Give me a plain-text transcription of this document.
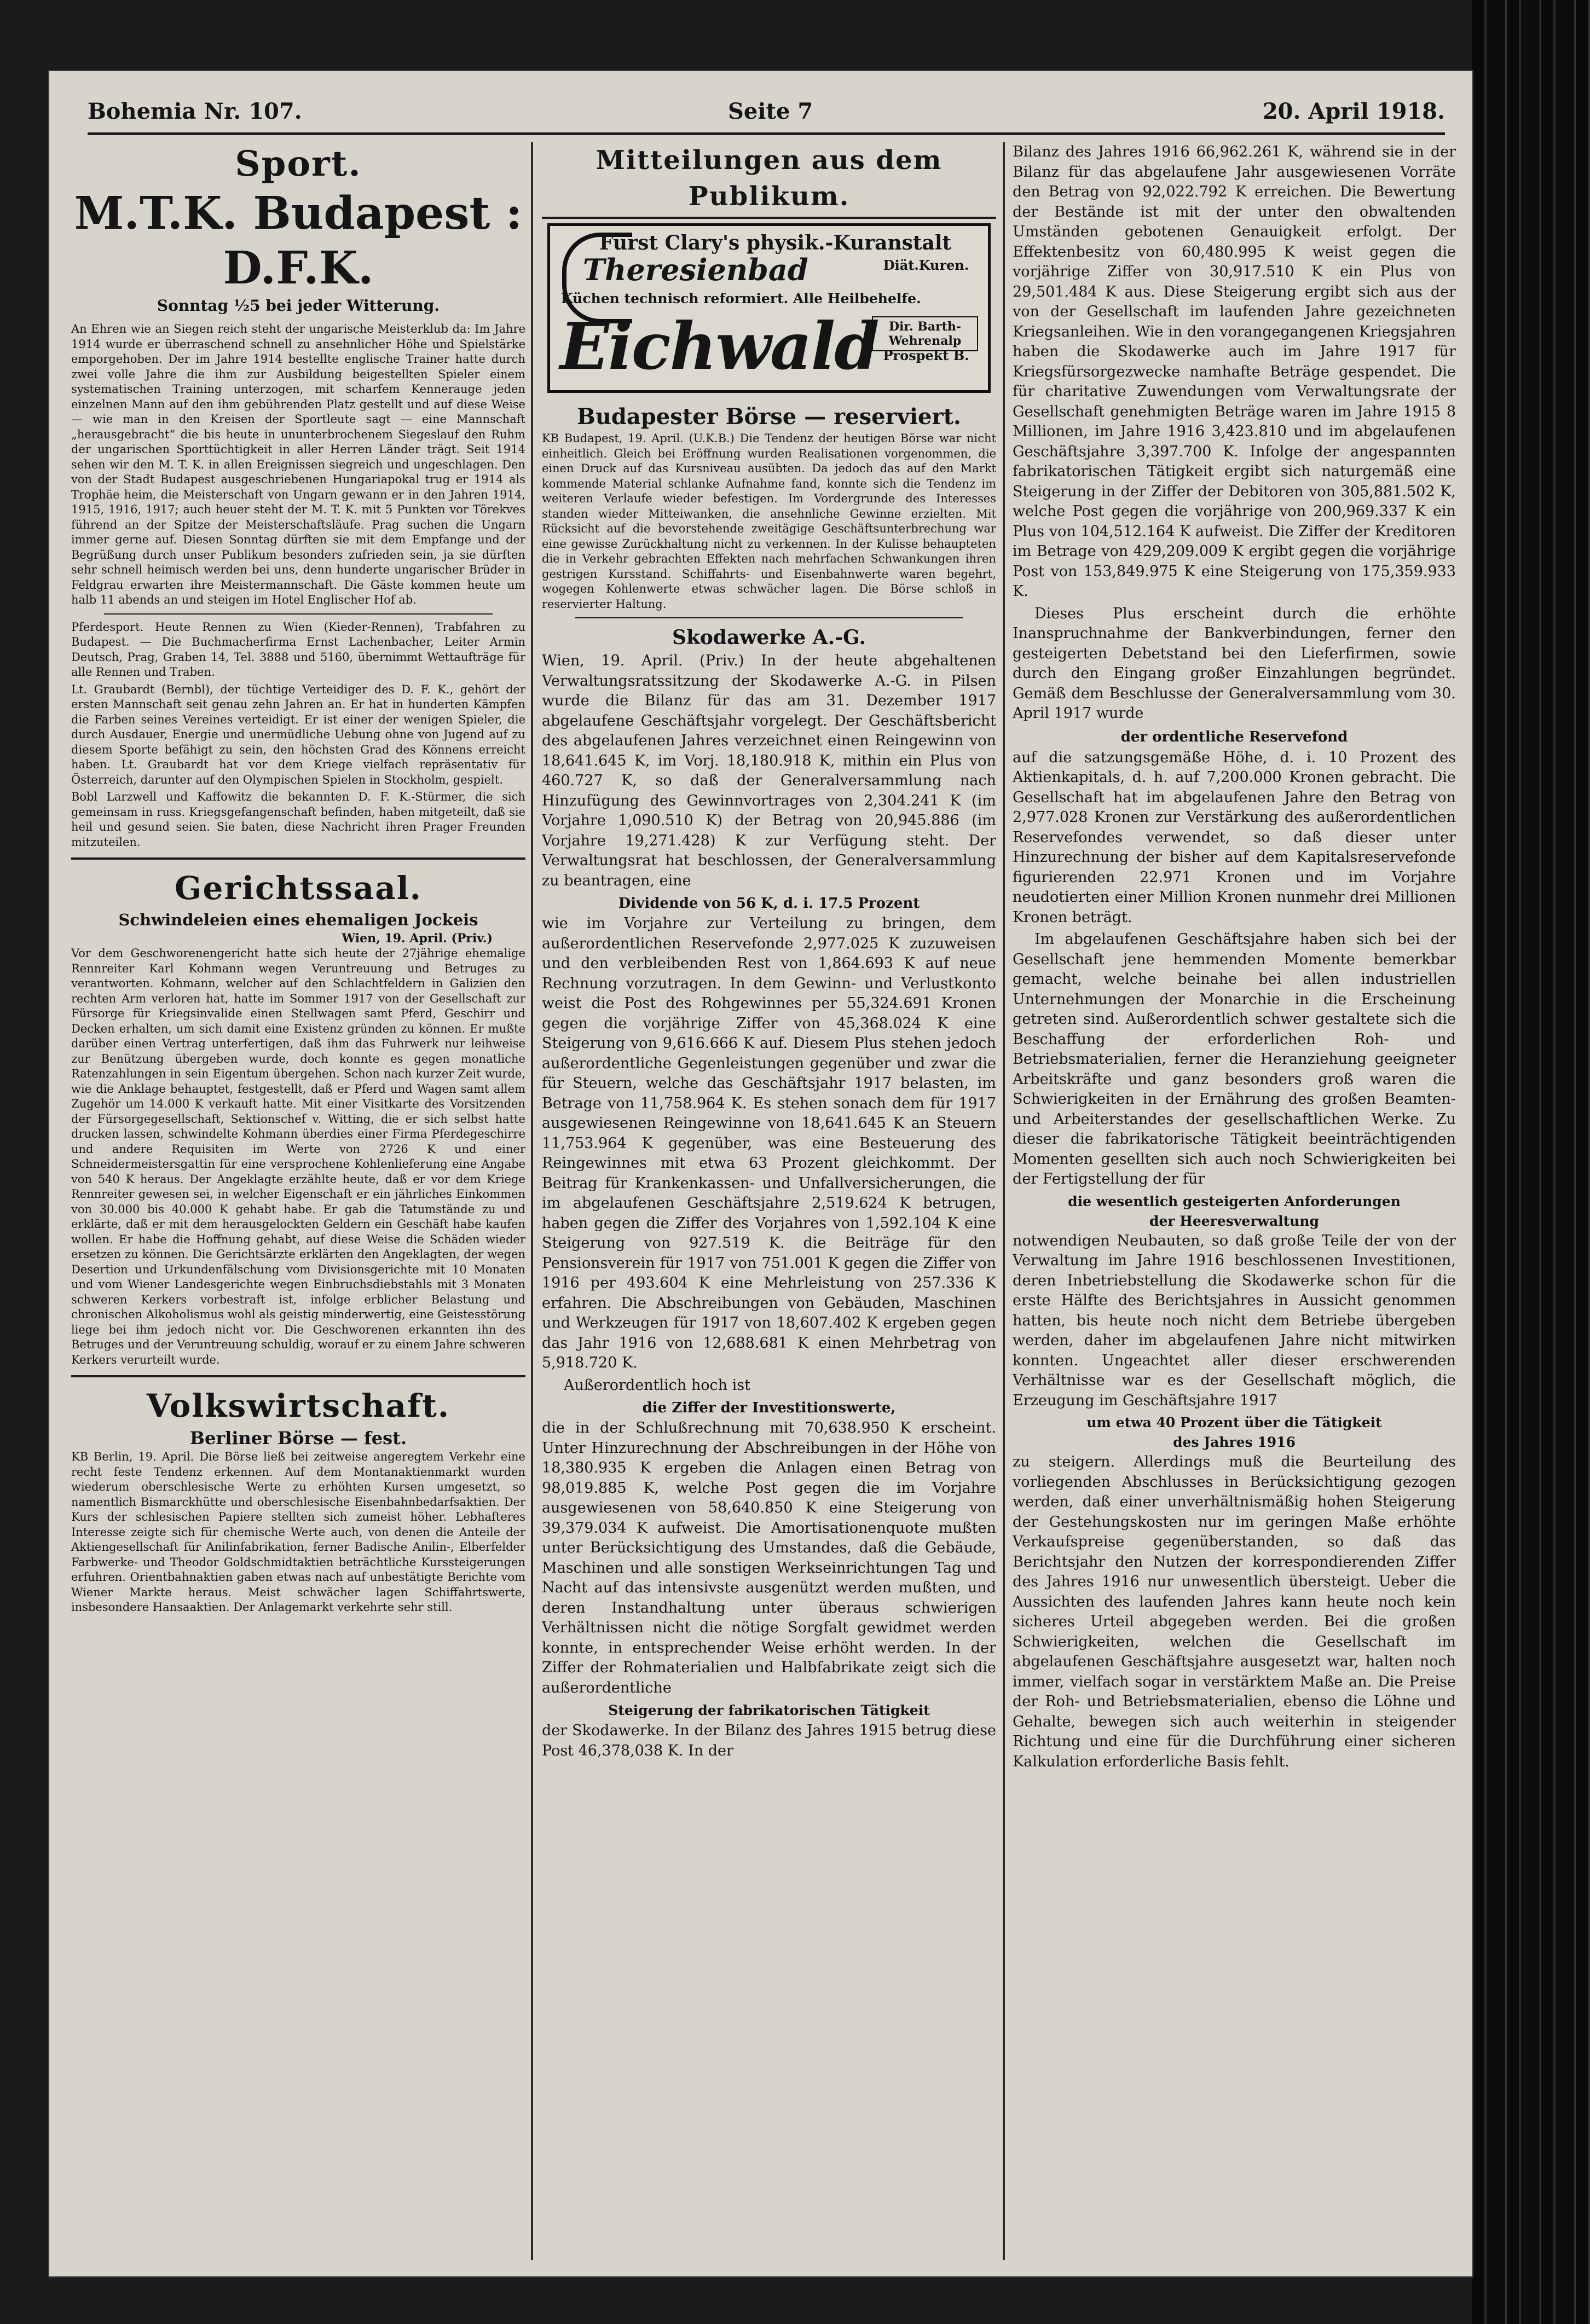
Bohemia Nr. 107.	Seite 7	20. April 1918.
Sport.
M.T.K. Budapest : D.F.K.
Sonntag ½5 bei jeder Witterung.

An Ehren wie an Siegen reich steht der ungarische Meisterklub da: Im Jahre 1914 wurde er überraschend schnell zu ansehnlicher Höhe und Spielstärke emporgehoben. Der im Jahre 1914 bestellte englische Trainer hatte durch zwei volle Jahre die ihm zur Ausbildung beigestellten Spieler einem systematischen Training unterzogen, mit scharfem Kennerauge jeden einzelnen Mann auf den ihm gebührenden Platz gestellt und auf diese Weise — wie man in den Kreisen der Sportleute sagt — eine Mannschaft „herausgebracht“ die bis heute in ununterbrochenem Siegeslauf den Ruhm der ungarischen Sporttüchtigkeit in aller Herren Länder trägt. Seit 1914 sehen wir den M. T. K. in allen Ereignissen siegreich und ungeschlagen. Den von der Stadt Budapest ausgeschriebenen Hungariapokal trug er 1914 als Trophäe heim, die Meisterschaft von Ungarn gewann er in den Jahren 1914, 1915, 1916, 1917; auch heuer steht der M. T. K. mit 5 Punkten vor Törekves führend an der Spitze der Meisterschaftsläufe. Prag suchen die Ungarn immer gerne auf. Diesen Sonntag dürften sie mit dem Empfange und der Begrüßung durch unser Publikum besonders zufrieden sein, ja sie dürften sehr schnell heimisch werden bei uns, denn hunderte ungarischer Brüder in Feldgrau erwarten ihre Meistermannschaft. Die Gäste kommen heute um halb 11 abends an und steigen im Hotel Englischer Hof ab.

Pferdesport. Heute Rennen zu Wien (Kieder-Rennen), Trabfahren zu Budapest. — Die Buchmacherfirma Ernst Lachenbacher, Leiter Armin Deutsch, Prag, Graben 14, Tel. 3888 und 5160, übernimmt Wettaufträge für alle Rennen und Traben.

Lt. Graubardt (Bernbl), der tüchtige Verteidiger des D. F. K., gehört der ersten Mannschaft seit genau zehn Jahren an. Er hat in hunderten Kämpfen die Farben seines Vereines verteidigt. Er ist einer der wenigen Spieler, die durch Ausdauer, Energie und unermüdliche Uebung ohne von Jugend auf zu diesem Sporte befähigt zu sein, den höchsten Grad des Könnens erreicht haben. Lt. Graubardt hat vor dem Kriege vielfach repräsentativ für Österreich, darunter auf den Olympischen Spielen in Stockholm, gespielt.

Bobl Larzwell und Kaffowitz die bekannten D. F. K.-Stürmer, die sich gemeinsam in russ. Kriegsgefangenschaft befinden, haben mitgeteilt, daß sie heil und gesund seien. Sie baten, diese Nachricht ihren Prager Freunden mitzuteilen.

Gerichtssaal.
Schwindeleien eines ehemaligen Jockeis
Wien, 19. April. (Priv.)

Vor dem Geschworenengericht hatte sich heute der 27jährige ehemalige Rennreiter Karl Kohmann wegen Veruntreuung und Betruges zu verantworten. Kohmann, welcher auf den Schlachtfeldern in Galizien den rechten Arm verloren hat, hatte im Sommer 1917 von der Gesellschaft zur Fürsorge für Kriegsinvalide einen Stellwagen samt Pferd, Geschirr und Decken erhalten, um sich damit eine Existenz gründen zu können. Er mußte darüber einen Vertrag unterfertigen, daß ihm das Fuhrwerk nur leihweise zur Benützung übergeben wurde, doch konnte es gegen monatliche Ratenzahlungen in sein Eigentum übergehen. Schon nach kurzer Zeit wurde, wie die Anklage behauptet, festgestellt, daß er Pferd und Wagen samt allem Zugehör um 14.000 K verkauft hatte. Mit einer Visitkarte des Vorsitzenden der Fürsorgegesellschaft, Sektionschef v. Witting, die er sich selbst hatte drucken lassen, schwindelte Kohmann überdies einer Firma Pferdegeschirre und andere Requisiten im Werte von 2726 K und einer Schneidermeistersgattin für eine versprochene Kohlenlieferung eine Angabe von 540 K heraus. Der Angeklagte erzählte heute, daß er vor dem Kriege Rennreiter gewesen sei, in welcher Eigenschaft er ein jährliches Einkommen von 30.000 bis 40.000 K gehabt habe. Er gab die Tatumstände zu und erklärte, daß er mit dem herausgelockten Geldern ein Geschäft habe kaufen wollen. Er habe die Hoffnung gehabt, auf diese Weise die Schäden wieder ersetzen zu können. Die Gerichtsärzte erklärten den Angeklagten, der wegen Desertion und Urkundenfälschung vom Divisionsgerichte mit 10 Monaten und vom Wiener Landesgerichte wegen Einbruchsdiebstahls mit 3 Monaten schweren Kerkers vorbestraft ist, infolge erblicher Belastung und chronischen Alkoholismus wohl als geistig minderwertig, eine Geistesstörung liege bei ihm jedoch nicht vor. Die Geschworenen erkannten ihn des Betruges und der Veruntreuung schuldig, worauf er zu einem Jahre schweren Kerkers verurteilt wurde.

Volkswirtschaft.
Berliner Börse — fest.

KB Berlin, 19. April. Die Börse ließ bei zeitweise angeregtem Verkehr eine recht feste Tendenz erkennen. Auf dem Montanaktienmarkt wurden wiederum oberschlesische Werte zu erhöhten Kursen umgesetzt, so namentlich Bismarckhütte und oberschlesische Eisenbahnbedarfsaktien. Der Kurs der schlesischen Papiere stellten sich zumeist höher. Lebhafteres Interesse zeigte sich für chemische Werte auch, von denen die Anteile der Aktiengesellschaft für Anilinfabrikation, ferner Badische Anilin-, Elberfelder Farbwerke- und Theodor Goldschmidtaktien beträchtliche Kurssteigerungen erfuhren. Orientbahnaktien gaben etwas nach auf unbestätigte Berichte vom Wiener Markte heraus. Meist schwächer lagen Schiffahrtswerte, insbesondere Hansaaktien. Der Anlagemarkt verkehrte sehr still.

Mitteilungen aus dem Publikum.
Fürst Clary's physik.-Kuranstalt
Theresienbad	Diät.Kuren.
Küchen technisch reformiert. Alle Heilbehelfe.
Eichwald Dir. Barth-Wehrenalp
Prospekt B.
Budapester Börse — reserviert.

KB Budapest, 19. April. (U.K.B.) Die Tendenz der heutigen Börse war nicht einheitlich. Gleich bei Eröffnung wurden Realisationen vorgenommen, die einen Druck auf das Kursniveau ausübten. Da jedoch das auf den Markt kommende Material schlanke Aufnahme fand, konnte sich die Tendenz im weiteren Verlaufe wieder befestigen. Im Vordergrunde des Interesses standen wieder Mitteiwanken, die ansehnliche Gewinne erzielten. Mit Rücksicht auf die bevorstehende zweitägige Geschäftsunterbrechung war eine gewisse Zurückhaltung nicht zu verkennen. In der Kulisse behaupteten die in Verkehr gebrachten Effekten nach mehrfachen Schwankungen ihren gestrigen Kursstand. Schiffahrts- und Eisenbahnwerte waren begehrt, wogegen Kohlenwerte etwas schwächer lagen. Die Börse schloß in reservierter Haltung.

Skodawerke A.-G.

Wien, 19. April. (Priv.) In der heute abgehaltenen Verwaltungsratssitzung der Skodawerke A.-G. in Pilsen wurde die Bilanz für das am 31. Dezember 1917 abgelaufene Geschäftsjahr vorgelegt. Der Geschäftsbericht des abgelaufenen Jahres verzeichnet einen Reingewinn von 18,641.645 K, im Vorj. 18,180.918 K, mithin ein Plus von 460.727 K, so daß der Generalversammlung nach Hinzufügung des Gewinnvortrages von 2,304.241 K (im Vorjahre 1,090.510 K) der Betrag von 20,945.886 (im Vorjahre 19,271.428) K zur Verfügung steht. Der Verwaltungsrat hat beschlossen, der Generalversammlung zu beantragen, eine

Dividende von 56 K, d. i. 17.5 Prozent

wie im Vorjahre zur Verteilung zu bringen, dem außerordentlichen Reservefonde 2,977.025 K zuzuweisen und den verbleibenden Rest von 1,864.693 K auf neue Rechnung vorzutragen. In dem Gewinn- und Verlustkonto weist die Post des Rohgewinnes per 55,324.691 Kronen gegen die vorjährige Ziffer von 45,368.024 K eine Steigerung von 9,616.666 K auf. Diesem Plus stehen jedoch außerordentliche Gegenleistungen gegenüber und zwar die für Steuern, welche das Geschäftsjahr 1917 belasten, im Betrage von 11,758.964 K. Es stehen sonach dem für 1917 ausgewiesenen Reingewinne von 18,641.645 K an Steuern 11,753.964 K gegenüber, was eine Besteuerung des Reingewinnes mit etwa 63 Prozent gleichkommt. Der Beitrag für Krankenkassen- und Unfallversicherungen, die im abgelaufenen Geschäftsjahre 2,519.624 K betrugen, haben gegen die Ziffer des Vorjahres von 1,592.104 K eine Steigerung von 927.519 K. die Beiträge für den Pensionsverein für 1917 von 751.001 K gegen die Ziffer von 1916 per 493.604 K eine Mehrleistung von 257.336 K erfahren. Die Abschreibungen von Gebäuden, Maschinen und Werkzeugen für 1917 von 18,607.402 K ergeben gegen das Jahr 1916 von 12,688.681 K einen Mehrbetrag von 5,918.720 K.

Außerordentlich hoch ist

die Ziffer der Investitionswerte,

die in der Schlußrechnung mit 70,638.950 K erscheint. Unter Hinzurechnung der Abschreibungen in der Höhe von 18,380.935 K ergeben die Anlagen einen Betrag von 98,019.885 K, welche Post gegen die im Vorjahre ausgewiesenen von 58,640.850 K eine Steigerung von 39,379.034 K aufweist. Die Amortisationenquote mußten unter Berücksichtigung des Umstandes, daß die Gebäude, Maschinen und alle sonstigen Werkseinrichtungen Tag und Nacht auf das intensivste ausgenützt werden mußten, und deren Instandhaltung unter überaus schwierigen Verhältnissen nicht die nötige Sorgfalt gewidmet werden konnte, in entsprechender Weise erhöht werden. In der Ziffer der Rohmaterialien und Halbfabrikate zeigt sich die außerordentliche

Steigerung der fabrikatorischen Tätigkeit

der Skodawerke. In der Bilanz des Jahres 1915 betrug diese Post 46,378,038 K. In der

Bilanz des Jahres 1916 66,962.261 K, während sie in der Bilanz für das abgelaufene Jahr ausgewiesenen Vorräte den Betrag von 92,022.792 K erreichen. Die Bewertung der Bestände ist mit der unter den obwaltenden Umständen gebotenen Genauigkeit erfolgt. Der Effektenbesitz von 60,480.995 K weist gegen die vorjährige Ziffer von 30,917.510 K ein Plus von 29,501.484 K aus. Diese Steigerung ergibt sich aus der von der Gesellschaft im laufenden Jahre gezeichneten Kriegsanleihen. Wie in den vorangegangenen Kriegsjahren haben die Skodawerke auch im Jahre 1917 für Kriegsfürsorgezwecke namhafte Beträge gespendet. Die für charitative Zuwendungen vom Verwaltungsrate der Gesellschaft genehmigten Beträge waren im Jahre 1915 8 Millionen, im Jahre 1916 3,423.810 und im abgelaufenen Geschäftsjahre 3,397.700 K. Infolge der angespannten fabrikatorischen Tätigkeit ergibt sich naturgemäß eine Steigerung in der Ziffer der Debitoren von 305,881.502 K, welche Post gegen die vorjährige von 200,969.337 K ein Plus von 104,512.164 K aufweist. Die Ziffer der Kreditoren im Betrage von 429,209.009 K ergibt gegen die vorjährige Post von 153,849.975 K eine Steigerung von 175,359.933 K.

Dieses Plus erscheint durch die erhöhte Inanspruchnahme der Bankverbindungen, ferner den gesteigerten Debetstand bei den Lieferfirmen, sowie durch den Eingang großer Einzahlungen begründet. Gemäß dem Beschlusse der Generalversammlung vom 30. April 1917 wurde

der ordentliche Reservefond

auf die satzungsgemäße Höhe, d. i. 10 Prozent des Aktienkapitals, d. h. auf 7,200.000 Kronen gebracht. Die Gesellschaft hat im abgelaufenen Jahre den Betrag von 2,977.028 Kronen zur Verstärkung des außerordentlichen Reservefondes verwendet, so daß dieser unter Hinzurechnung der bisher auf dem Kapitalsreservefonde figurierenden 22.971 Kronen und im Vorjahre neudotierten einer Million Kronen nunmehr drei Millionen Kronen beträgt.

Im abgelaufenen Geschäftsjahre haben sich bei der Gesellschaft jene hemmenden Momente bemerkbar gemacht, welche beinahe bei allen industriellen Unternehmungen der Monarchie in die Erscheinung getreten sind. Außerordentlich schwer gestaltete sich die Beschaffung der erforderlichen Roh- und Betriebsmaterialien, ferner die Heranziehung geeigneter Arbeitskräfte und ganz besonders groß waren die Schwierigkeiten in der Ernährung des großen Beamten- und Arbeiterstandes der gesellschaftlichen Werke. Zu dieser die fabrikatorische Tätigkeit beeinträchtigenden Momenten gesellten sich auch noch Schwierigkeiten bei der Fertigstellung der für

die wesentlich gesteigerten Anforderungen
der Heeresverwaltung

notwendigen Neubauten, so daß große Teile der von der Verwaltung im Jahre 1916 beschlossenen Investitionen, deren Inbetriebstellung die Skodawerke schon für die erste Hälfte des Berichtsjahres in Aussicht genommen hatten, bis heute noch nicht dem Betriebe übergeben werden, daher im abgelaufenen Jahre nicht mitwirken konnten. Ungeachtet aller dieser erschwerenden Verhältnisse war es der Gesellschaft möglich, die Erzeugung im Geschäftsjahre 1917

um etwa 40 Prozent über die Tätigkeit
des Jahres 1916

zu steigern. Allerdings muß die Beurteilung des vorliegenden Abschlusses in Berücksichtigung gezogen werden, daß einer unverhältnismäßig hohen Steigerung der Gestehungskosten nur im geringen Maße erhöhte Verkaufspreise gegenüberstanden, so daß das Berichtsjahr den Nutzen der korrespondierenden Ziffer des Jahres 1916 nur unwesentlich übersteigt. Ueber die Aussichten des laufenden Jahres kann heute noch kein sicheres Urteil abgegeben werden. Bei die großen Schwierigkeiten, welchen die Gesellschaft im abgelaufenen Geschäftsjahre ausgesetzt war, halten noch immer, vielfach sogar in verstärktem Maße an. Die Preise der Roh- und Betriebsmaterialien, ebenso die Löhne und Gehalte, bewegen sich auch weiterhin in steigender Richtung und eine für die Durchführung einer sicheren Kalkulation erforderliche Basis fehlt.
